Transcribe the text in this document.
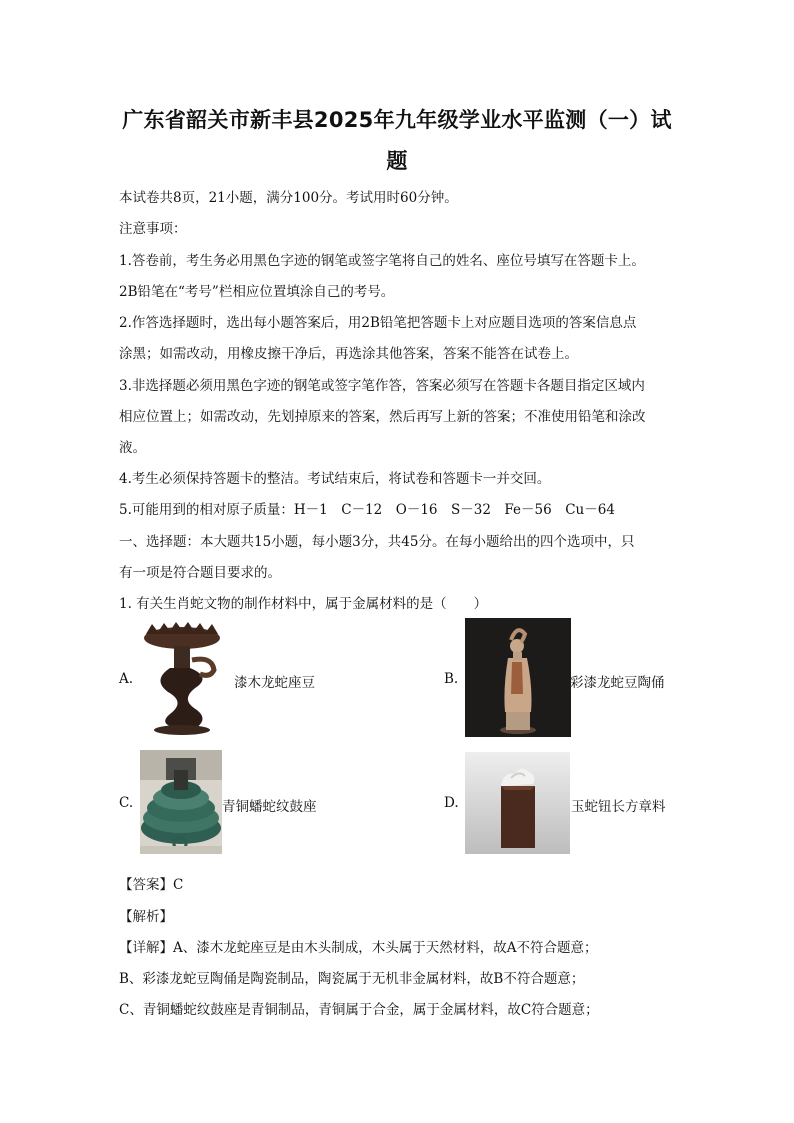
广东省韶关市新丰县2025年九年级学业水平监测（一）试
题
本试卷共8页，21小题，满分100分。考试用时60分钟。
注意事项：
1.答卷前，考生务必用黑色字迹的钢笔或签字笔将自己的姓名、座位号填写在答题卡上。
2B铅笔在“考号”栏相应位置填涂自己的考号。
2.作答选择题时，选出每小题答案后，用2B铅笔把答题卡上对应题目选项的答案信息点
涂黑；如需改动，用橡皮擦干净后，再选涂其他答案，答案不能答在试卷上。
3.非选择题必须用黑色字迹的钢笔或签字笔作答，答案必须写在答题卡各题目指定区域内
相应位置上；如需改动，先划掉原来的答案，然后再写上新的答案；不准使用铅笔和涂改
液。
4.考生必须保持答题卡的整洁。考试结束后，将试卷和答题卡一并交回。
5.可能用到的相对原子质量：H－1　C－12　O－16　S－32　Fe－56　Cu－64
一、选择题：本大题共15小题，每小题3分，共45分。在每小题给出的四个选项中，只
有一项是符合题目要求的。
1. 有关生肖蛇文物的制作材料中，属于金属材料的是（　　）
A.	漆木龙蛇座豆	B.	彩漆龙蛇豆陶俑
C.	青铜蟠蛇纹鼓座	D.	玉蛇钮长方章料
【答案】C
【解析】
【详解】A、漆木龙蛇座豆是由木头制成，木头属于天然材料，故A不符合题意；
B、彩漆龙蛇豆陶俑是陶瓷制品，陶瓷属于无机非金属材料，故B不符合题意；
C、青铜蟠蛇纹鼓座是青铜制品，青铜属于合金，属于金属材料，故C符合题意；
